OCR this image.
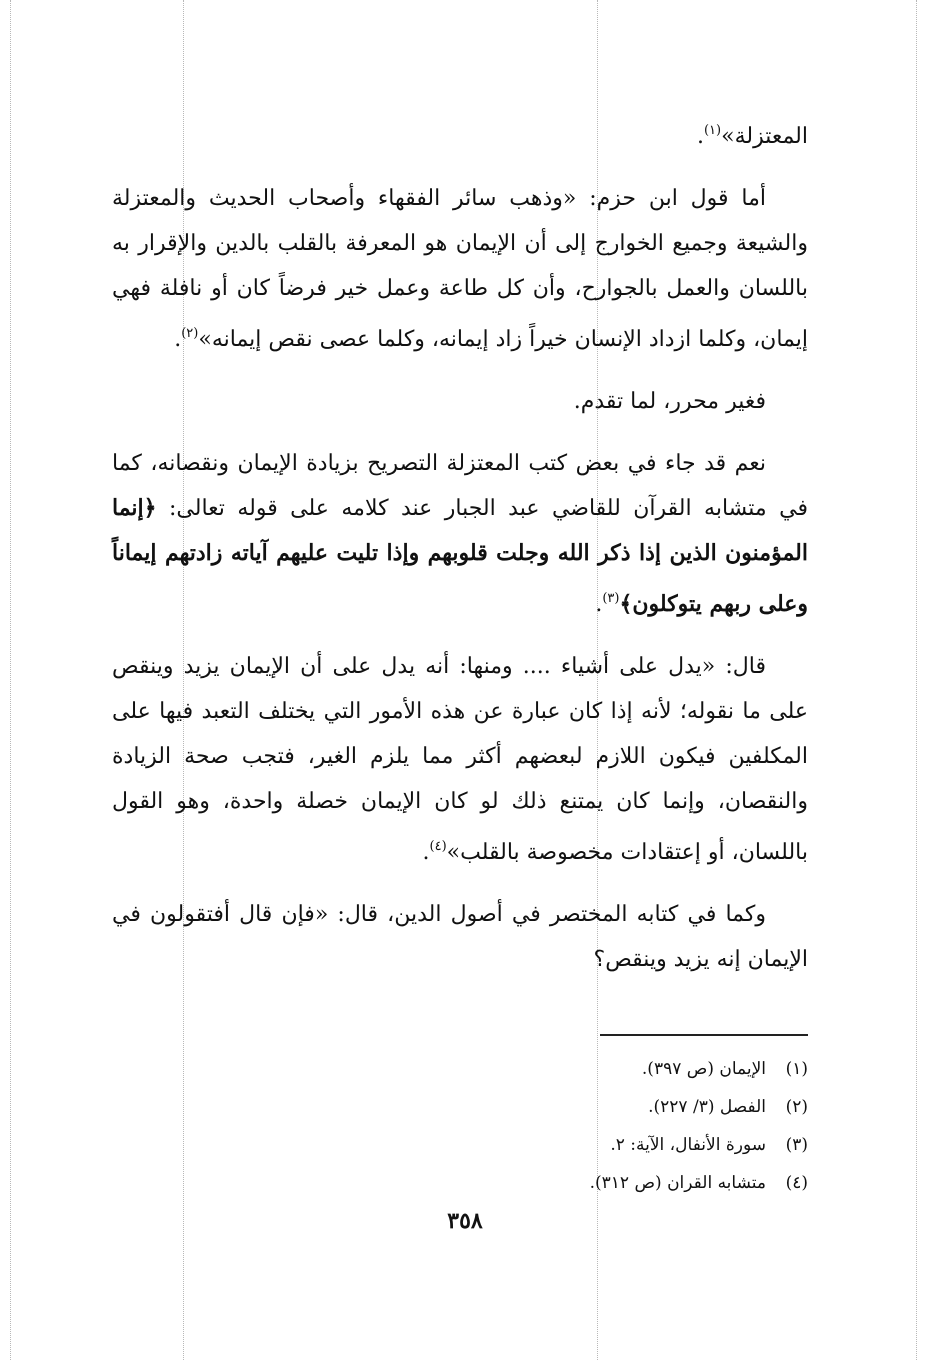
المعتزلة»$^{(١)}$.

أما قول ابن حزم: «وذهب سائر الفقهاء وأصحاب الحديث والمعتزلة والشيعة وجميع الخوارج إلى أن الإيمان هو المعرفة بالقلب بالدين والإقرار به باللسان والعمل بالجوارح، وأن كل طاعة وعمل خير فرضاً كان أو نافلة فهي إيمان، وكلما ازداد الإنسان خيراً زاد إيمانه، وكلما عصى نقص إيمانه»$^{(٢)}$.

فغير محرر، لما تقدم.

نعم قد جاء في بعض كتب المعتزلة التصريح بزيادة الإيمان ونقصانه، كما في متشابه القرآن للقاضي عبد الجبار عند كلامه على قوله تعالى: ﴿إنما المؤمنون الذين إذا ذكر الله وجلت قلوبهم وإذا تليت عليهم آياته زادتهم إيماناً وعلى ربهم يتوكلون﴾$^{(٣)}$.

قال: «يدل على أشياء .... ومنها: أنه يدل على أن الإيمان يزيد وينقص على ما نقوله؛ لأنه إذا كان عبارة عن هذه الأمور التي يختلف التعبد فيها على المكلفين فيكون اللازم لبعضهم أكثر مما يلزم الغير، فتجب صحة الزيادة والنقصان، وإنما كان يمتنع ذلك لو كان الإيمان خصلة واحدة، وهو القول باللسان، أو إعتقادات مخصوصة بالقلب»$^{(٤)}$.

وكما في كتابه المختصر في أصول الدين، قال: «فإن قال أفتقولون في الإيمان إنه يزيد وينقص؟

(١)
الإيمان (ص ٣٩٧).
(٢)
الفصل (٣/ ٢٢٧).
(٣)
سورة الأنفال، الآية: ٢.
(٤)
متشابه القران (ص ٣١٢).
٣٥٨
